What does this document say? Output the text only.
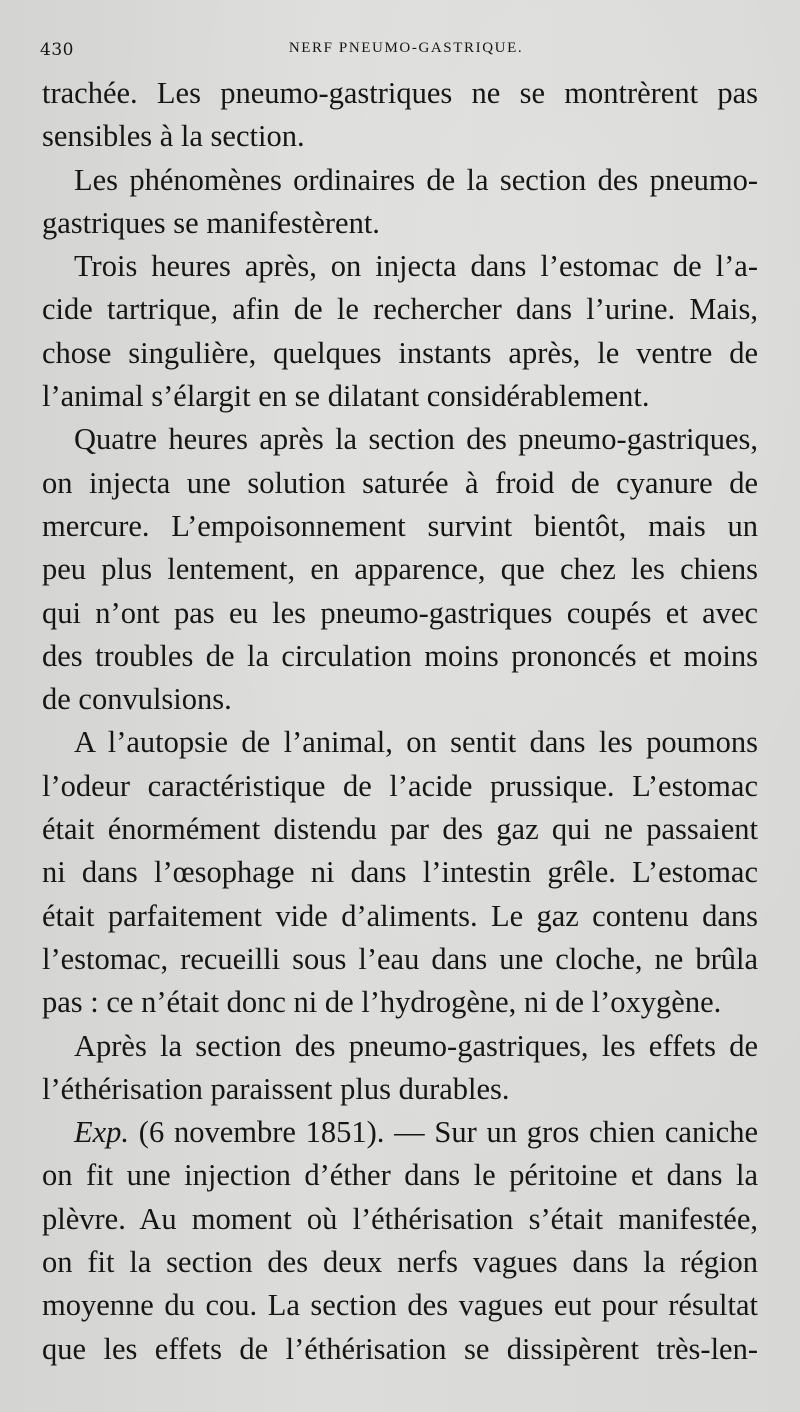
430	NERF PNEUMO-GASTRIQUE.
trachée. Les pneumo-gastriques ne se montrèrent pas
sensibles à la section.
Les phénomènes ordinaires de la section des pneumo-
gastriques se manifestèrent.
Trois heures après, on injecta dans l’estomac de l’a-
cide tartrique, afin de le rechercher dans l’urine. Mais,
chose singulière, quelques instants après, le ventre de
l’animal s’élargit en se dilatant considérablement.
Quatre heures après la section des pneumo-gastriques,
on injecta une solution saturée à froid de cyanure de
mercure. L’empoisonnement survint bientôt, mais un
peu plus lentement, en apparence, que chez les chiens
qui n’ont pas eu les pneumo-gastriques coupés et avec
des troubles de la circulation moins prononcés et moins
de convulsions.
A l’autopsie de l’animal, on sentit dans les poumons
l’odeur caractéristique de l’acide prussique. L’estomac
était énormément distendu par des gaz qui ne passaient
ni dans l’œsophage ni dans l’intestin grêle. L’estomac
était parfaitement vide d’aliments. Le gaz contenu dans
l’estomac, recueilli sous l’eau dans une cloche, ne brûla
pas : ce n’était donc ni de l’hydrogène, ni de l’oxygène.
Après la section des pneumo-gastriques, les effets de
l’éthérisation paraissent plus durables.
Exp. (6 novembre 1851). — Sur un gros chien caniche
on fit une injection d’éther dans le péritoine et dans la
plèvre. Au moment où l’éthérisation s’était manifestée,
on fit la section des deux nerfs vagues dans la région
moyenne du cou. La section des vagues eut pour résultat
que les effets de l’éthérisation se dissipèrent très-len-
